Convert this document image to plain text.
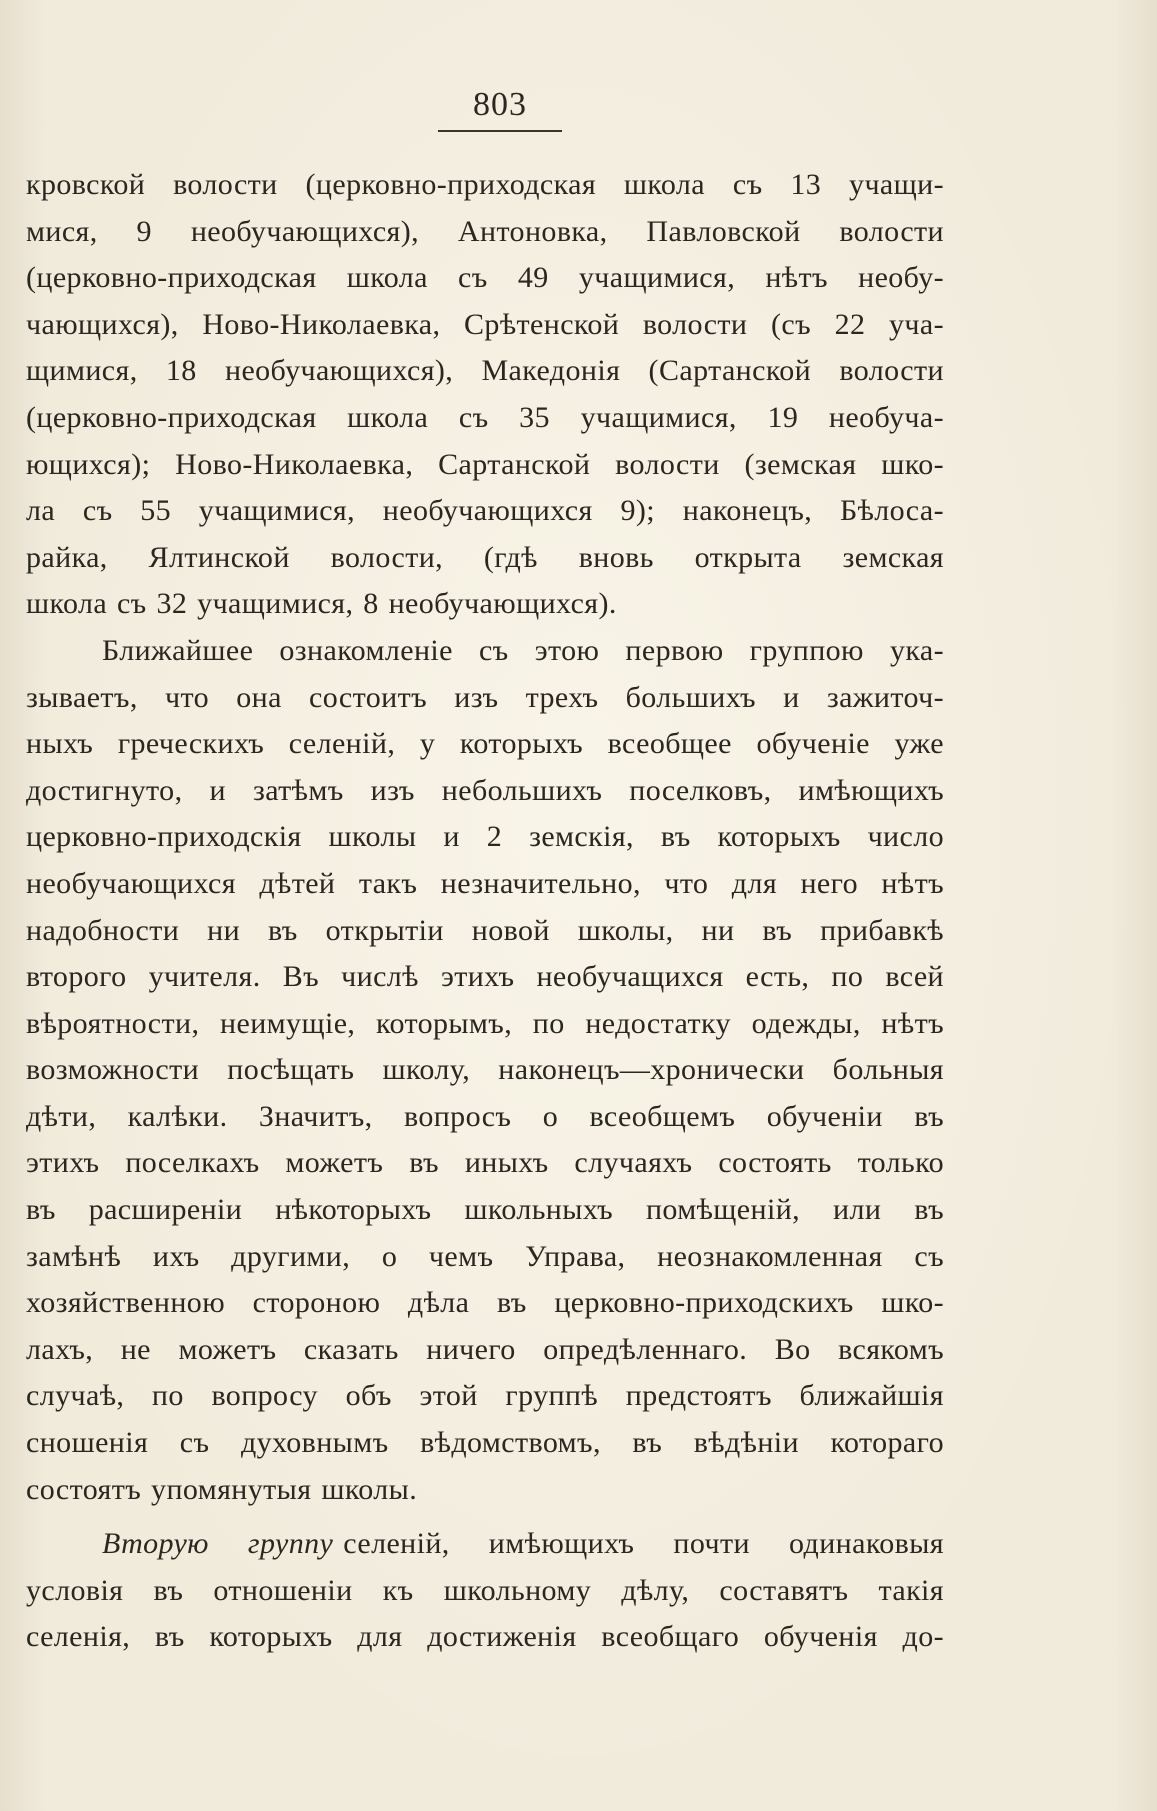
803
кровской волости (церковно-приходская школа съ 13 учащи-
мися, 9 необучающихся), Антоновка, Павловской волости
(церковно-приходская школа съ 49 учащимися, нѣтъ необу-
чающихся), Ново-Николаевка, Срѣтенской волости (съ 22 уча-
щимися, 18 необучающихся), Македонія (Сартанской волости
(церковно-приходская школа съ 35 учащимися, 19 необуча-
ющихся); Ново-Николаевка, Сартанской волости (земская шко-
ла съ 55 учащимися, необучающихся 9); наконецъ, Бѣлоса-
райка, Ялтинской волости, (гдѣ вновь открыта земская
школа съ 32 учащимися, 8 необучающихся).
Ближайшее ознакомленіе съ этою первою группою ука-
зываетъ, что она состоитъ изъ трехъ большихъ и зажиточ-
ныхъ греческихъ селеній, у которыхъ всеобщее обученіе уже
достигнуто, и затѣмъ изъ небольшихъ поселковъ, имѣющихъ
церковно-приходскія школы и 2 земскія, въ которыхъ число
необучающихся дѣтей такъ незначительно, что для него нѣтъ
надобности ни въ открытіи новой школы, ни въ прибавкѣ
второго учителя. Въ числѣ этихъ необучащихся есть, по всей
вѣроятности, неимущіе, которымъ, по недостатку одежды, нѣтъ
возможности посѣщать школу, наконецъ—хронически больныя
дѣти, калѣки. Значитъ, вопросъ о всеобщемъ обученіи въ
этихъ поселкахъ можетъ въ иныхъ случаяхъ состоять только
въ расширеніи нѣкоторыхъ школьныхъ помѣщеній, или въ
замѣнѣ ихъ другими, о чемъ Управа, неознакомленная съ
хозяйственною стороною дѣла въ церковно-приходскихъ шко-
лахъ, не можетъ сказать ничего опредѣленнаго. Во всякомъ
случаѣ, по вопросу объ этой группѣ предстоятъ ближайшія
сношенія съ духовнымъ вѣдомствомъ, въ вѣдѣніи котораго
состоятъ упомянутыя школы.
Вторую группу селеній, имѣющихъ почти одинаковыя
условія въ отношеніи къ школьному дѣлу, составятъ такія
селенія, въ которыхъ для достиженія всеобщаго обученія до-
